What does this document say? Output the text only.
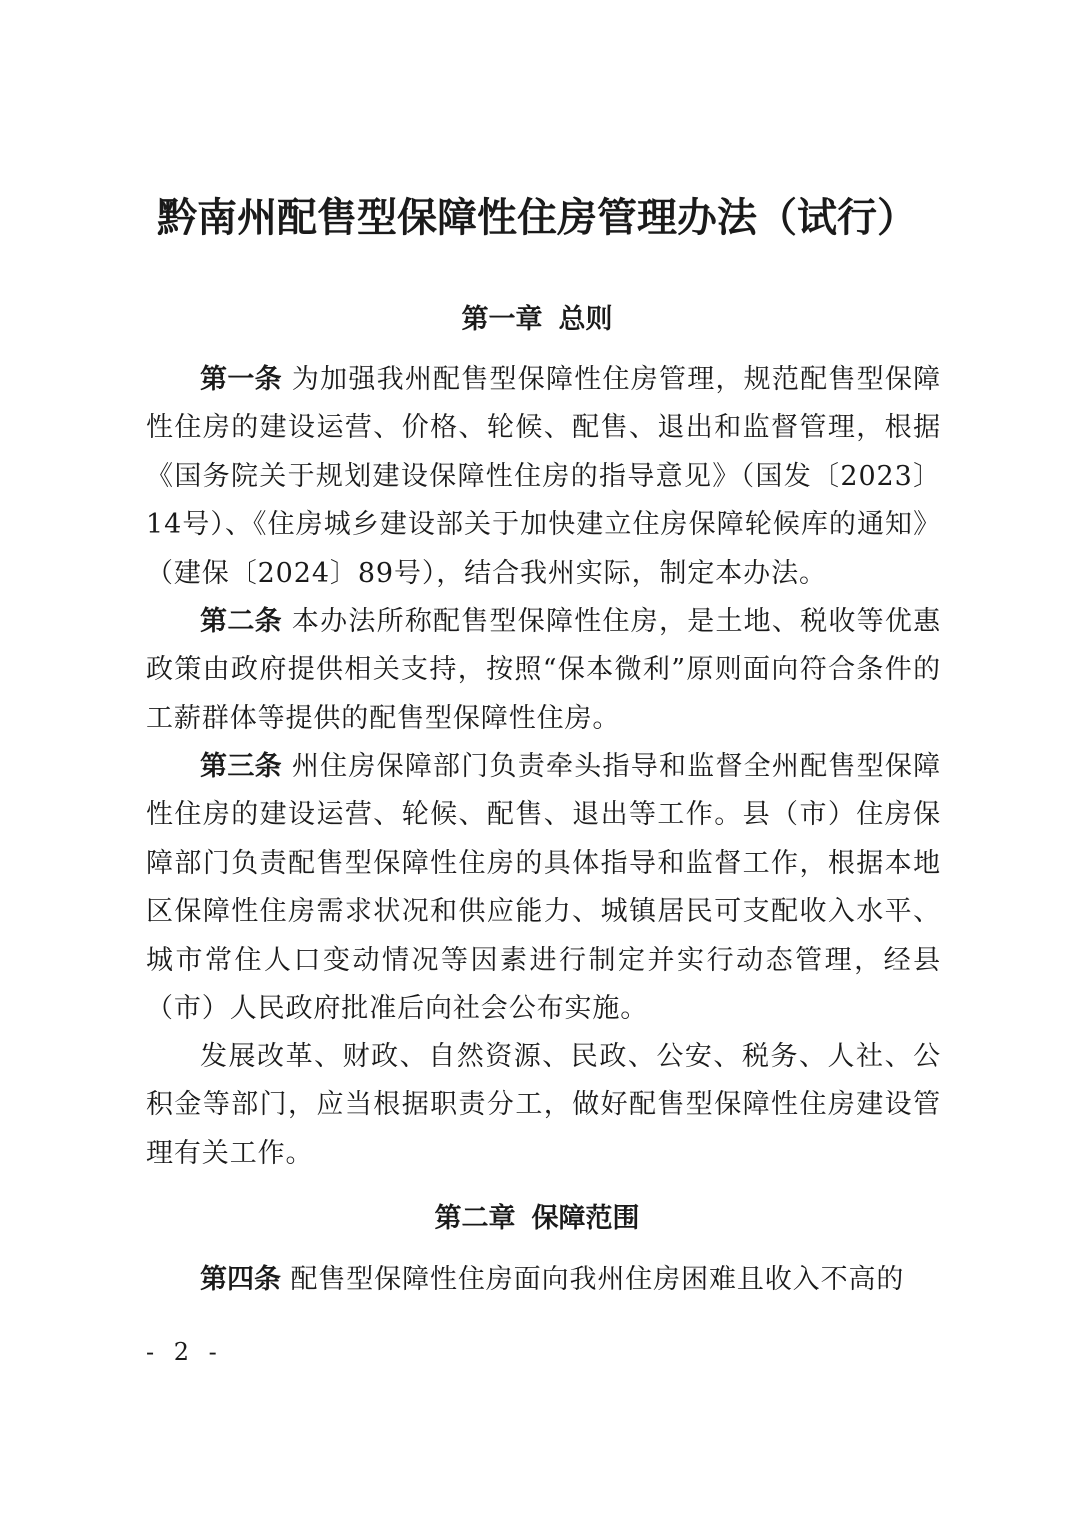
黔南州配售型保障性住房管理办法（试行）
第一章 总则

第一条 为加强我州配售型保障性住房管理，规范配售型保障性住房的建设运营、价格、轮候、配售、退出和监督管理，根据《国务院关于规划建设保障性住房的指导意见》（国发〔2023〕14号）、《住房城乡建设部关于加快建立住房保障轮候库的通知》（建保〔2024〕89号），结合我州实际，制定本办法。

第二条 本办法所称配售型保障性住房，是土地、税收等优惠政策由政府提供相关支持，按照“保本微利”原则面向符合条件的工薪群体等提供的配售型保障性住房。

第三条 州住房保障部门负责牵头指导和监督全州配售型保障性住房的建设运营、轮候、配售、退出等工作。县（市）住房保障部门负责配售型保障性住房的具体指导和监督工作，根据本地区保障性住房需求状况和供应能力、城镇居民可支配收入水平、城市常住人口变动情况等因素进行制定并实行动态管理，经县（市）人民政府批准后向社会公布实施。

发展改革、财政、自然资源、民政、公安、税务、人社、公积金等部门，应当根据职责分工，做好配售型保障性住房建设管理有关工作。

第二章 保障范围

第四条 配售型保障性住房面向我州住房困难且收入不高的

- 2 -
